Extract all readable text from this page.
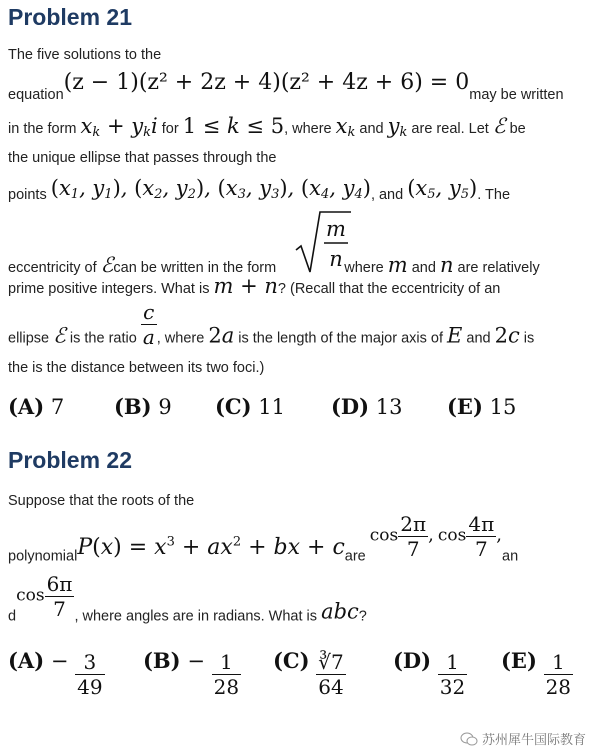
Problem 21
The five solutions to the
equation(z − 1)(z² + 2z + 4)(z² + 4z + 6) = 0may be written
in the form $x_k + y_ki$ for 1 ≤ k ≤ 5, where $x_k$ and $y_k$ are real. Let ℰ be
the unique ellipse that passes through the
points ($x_1$, $y_1$), ($x_2$, $y_2$), ($x_3$, $y_3$), ($x_4$, $y_4$), and ($x_5$, $y_5$). The
m
n
eccentricity of ℰcan be written in the form	where m and n are relatively
prime positive integers. What is m + n? (Recall that the eccentricity of an
ellipse ℰ is the ratio $\frac{c}{a}$ , where 2a is the length of the major axis of E and 2c is
the is the distance between its two foci.)
(A) 7 (B) 9 (C) 11 (D) 13 (E) 15
Problem 22
Suppose that the roots of the
polynomialP(x) = $x^3 + ax^2$ + bx + care $\cos \frac{2\pi}{7}$ , $\cos \frac{4\pi}{7} ,an$
dcos $\frac{6\pi}{7}$ , where angles are in radians. What is abc?
$(A) - \frac{3}{49} (B) - \frac{1}{28} (C) \frac{∛7}{64} (D) \frac{1}{32} (E) \frac{1}{28}$
苏州犀牛国际教育
